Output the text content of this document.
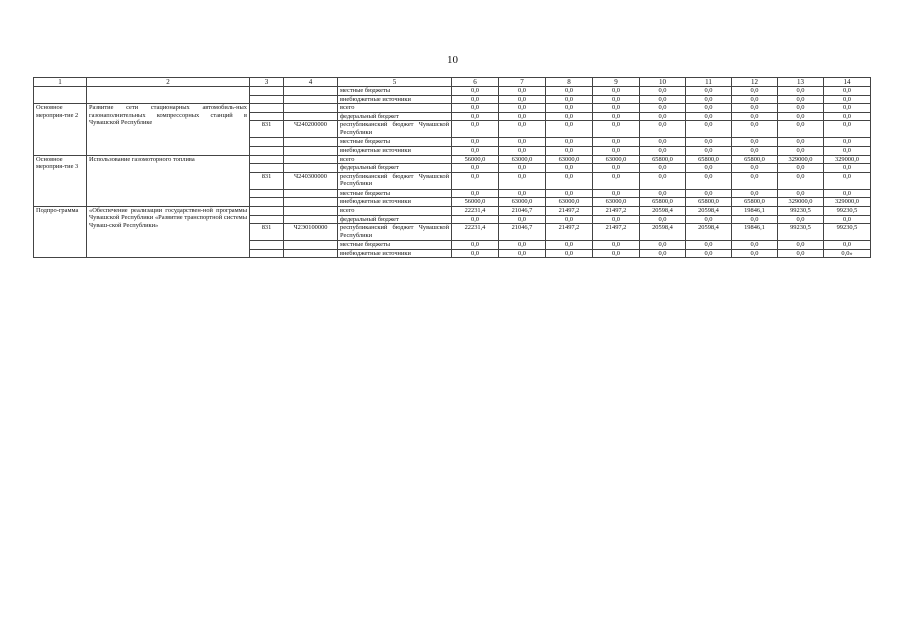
10
1	2	3	4	5	6	7	8	9	10	11	12	13	14
				местные бюджеты	0,0	0,0	0,0	0,0	0,0	0,0	0,0	0,0	0,0
				внебюджетные источники	0,0	0,0	0,0	0,0	0,0	0,0	0,0	0,0	0,0
Основное мероприя-тие 2	Развитие сети стационарных автомобиль-ных газонаполнительных компрессорных станций в Чувашской Республике			всего	0,0	0,0	0,0	0,0	0,0	0,0	0,0	0,0	0,0
				федеральный бюджет	0,0	0,0	0,0	0,0	0,0	0,0	0,0	0,0	0,0
		831	Ч240200000	республиканский бюджет Чувашской Республики	0,0	0,0	0,0	0,0	0,0	0,0	0,0	0,0	0,0
				местные бюджеты	0,0	0,0	0,0	0,0	0,0	0,0	0,0	0,0	0,0
				внебюджетные источники	0,0	0,0	0,0	0,0	0,0	0,0	0,0	0,0	0,0
Основное мероприя-тие 3	Использование газомоторного топлива			всего	56000,0	63000,0	63000,0	63000,0	65800,0	65800,0	65800,0	329000,0	329000,0
				федеральный бюджет	0,0	0,0	0,0	0,0	0,0	0,0	0,0	0,0	0,0
		831	Ч240300000	республиканский бюджет Чувашской Республики	0,0	0,0	0,0	0,0	0,0	0,0	0,0	0,0	0,0
				местные бюджеты	0,0	0,0	0,0	0,0	0,0	0,0	0,0	0,0	0,0
				внебюджетные источники	56000,0	63000,0	63000,0	63000,0	65800,0	65800,0	65800,0	329000,0	329000,0
Подпро-грамма	«Обеспечение реализации государствен-ной программы Чувашской Республики «Развитие транспортной системы Чуваш-ской Республики»			всего	22231,4	21046,7	21497,2	21497,2	20598,4	20598,4	19846,1	99230,5	99230,5
				федеральный бюджет	0,0	0,0	0,0	0,0	0,0	0,0	0,0	0,0	0,0
		831	Ч2Э0100000	республиканский бюджет Чувашской Республики	22231,4	21046,7	21497,2	21497,2	20598,4	20598,4	19846,1	99230,5	99230,5
				местные бюджеты	0,0	0,0	0,0	0,0	0,0	0,0	0,0	0,0	0,0
				внебюджетные источники	0,0	0,0	0,0	0,0	0,0	0,0	0,0	0,0	0,0»
